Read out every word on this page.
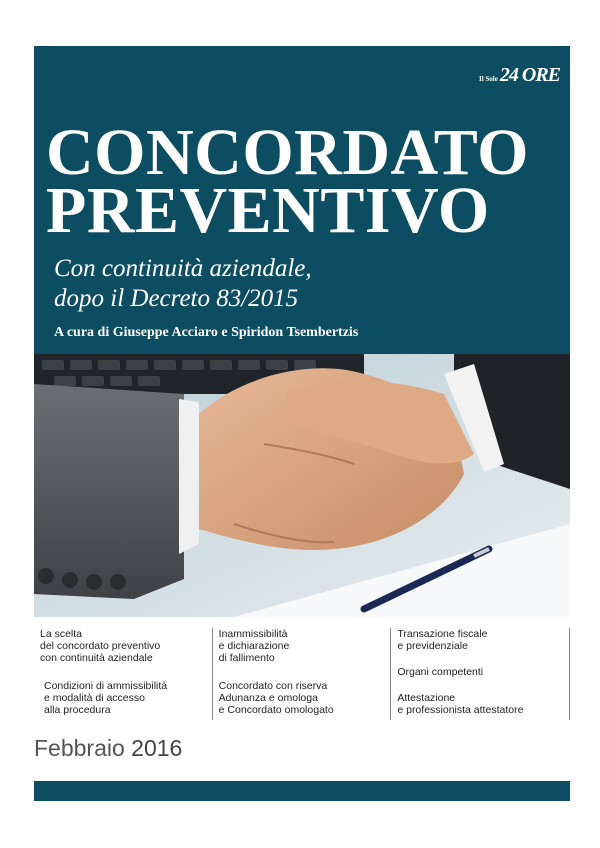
Il Sole 24 ORE
CONCORDATO
PREVENTIVO

Con continuità aziendale,
dopo il Decreto 83/2015

A cura di Giuseppe Acciaro e Spiridon Tsembertzis

La scelta
del concordato preventivo
con continuità aziendale

Condizioni di ammissibilità
e modalità di accesso
alla procedura

Inammissibilità
e dichiarazione
di fallimento

Concordato con riserva
Adunanza e omologa
e Concordato omologato

Transazione fiscale
e previdenziale

Organi competenti

Attestazione
e professionista attestatore

Febbraio 2016
